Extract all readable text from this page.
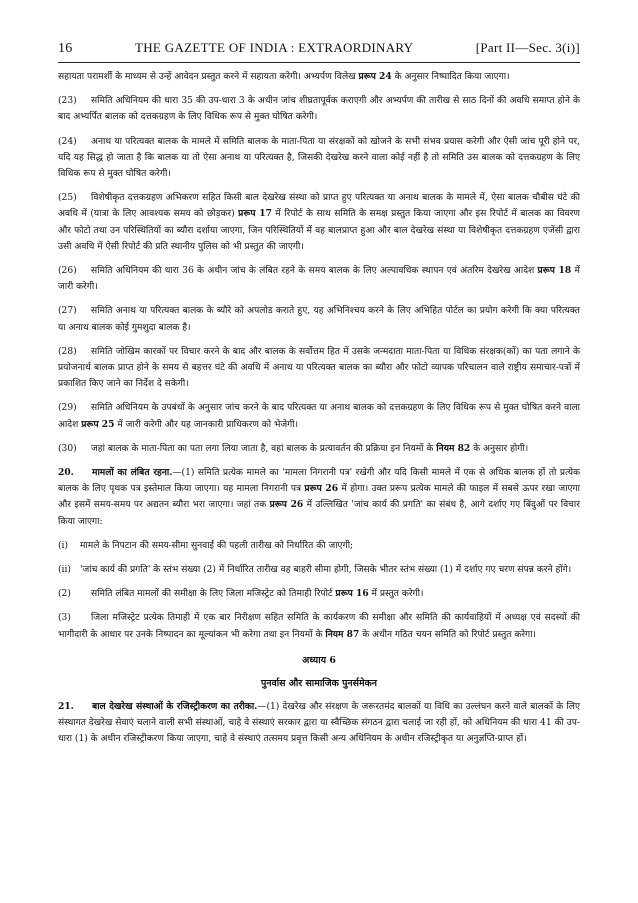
16	THE GAZETTE OF INDIA : EXTRAORDINARY	[Part II—Sec. 3(i)]

सहायता परामर्शी के माध्यम से उन्हें आवेदन प्रस्तुत करने में सहायता करेगी। अभ्यर्पण विलेख प्ररूप 24 के अनुसार निष्पादित किया जाएगा।

(23) समिति अधिनियम की धारा 35 की उप-धारा 3 के अधीन जांच शीघ्रतापूर्वक कराएगी और अभ्यर्पण की तारीख से साठ दिनों की अवधि समाप्त होने के बाद अभ्यर्पित बालक को दत्तकग्रहण के लिए विधिक रूप से मुक्त घोषित करेगी।

(24) अनाथ या परित्यक्त बालक के मामले में समिति बालक के माता-पिता या संरक्षकों को खोजने के सभी संभव प्रयास करेगी और ऐसी जांच पूरी होने पर, यदि यह सिद्ध हो जाता है कि बालक या तो ऐसा अनाथ या परित्यक्त है, जिसकी देखरेख करने वाला कोई नहीं है तो समिति उस बालक को दत्तकग्रहण के लिए विधिक रूप से मुक्त घोषित करेगी।

(25) विशेषीकृत दत्तकग्रहण अभिकरण सहित किसी बाल देखरेख संस्था को प्राप्त हुए परित्यक्त या अनाथ बालक के मामले में, ऐसा बालक चौबीस घंटे की अवधि में (यात्रा के लिए आवश्यक समय को छोड़कर) प्ररूप 17 में रिपोर्ट के साथ समिति के समक्ष प्रस्तुत किया जाएगा और इस रिपोर्ट में बालक का विवरण और फोटो तथा उन परिस्थितियों का ब्यौरा दर्शाया जाएगा, जिन परिस्थितियों में वह बालप्राप्त हुआ और बाल देखरेख संस्था या विशेषीकृत दत्तकग्रहण एजेंसी द्वारा उसी अवधि में ऐसी रिपोर्ट की प्रति स्थानीय पुलिस को भी प्रस्तुत की जाएगी।

(26) समिति अधिनियम की धारा 36 के अधीन जांच के लंबित रहने के समय बालक के लिए अल्पावधिक स्थापन एवं अंतरिम देखरेख आदेश प्ररूप 18 में जारी करेगी।

(27) समिति अनाथ या परित्यक्त बालक के ब्यौरे को अपलोड कराते हुए, यह अभिनिश्चय करने के लिए अभिहित पोर्टल का प्रयोग करेगी कि क्या परित्यक्त या अनाथ बालक कोई गुमशुदा बालक है।

(28) समिति जोखिम कारकों पर विचार करने के बाद और बालक के सर्वोत्तम हित में उसके जन्मदाता माता-पिता या विधिक संरक्षक(कों) का पता लगाने के प्रयोजनार्थ बालक प्राप्त होने के समय से बहत्तर घंटे की अवधि में अनाथ या परित्यक्त बालक का ब्यौरा और फोटो व्यापक परिचालन वाले राष्ट्रीय समाचार-पत्रों में प्रकाशित किए जाने का निर्देश दे सकेगी।

(29) समिति अधिनियम के उपबंधों के अनुसार जांच करने के बाद परित्यक्त या अनाथ बालक को दत्तकग्रहण के लिए विधिक रूप से मुक्त घोषित करने वाला आदेश प्ररूप 25 में जारी करेगी और यह जानकारी प्राधिकरण को भेजेगी।

(30) जहां बालक के माता-पिता का पता लगा लिया जाता है, वहां बालक के प्रत्यावर्तन की प्रक्रिया इन नियमों के नियम 82 के अनुसार होगी।

20. मामलों का लंबित रहना.—(1) समिति प्रत्येक मामले का 'मामला निगरानी पत्र' रखेगी और यदि किसी मामले में एक से अधिक बालक हों तो प्रत्येक बालक के लिए पृथक पत्र इस्तेमाल किया जाएगा। यह मामला निगरानी पत्र प्ररूप 26 में होगा। उक्त प्ररूप प्रत्येक मामले की फाइल में सबसे ऊपर रखा जाएगा और इसमें समय-समय पर अद्यतन ब्यौरा भरा जाएगा। जहां तक प्ररूप 26 में उल्लिखित 'जांच कार्य की प्रगति' का संबंध है, आगे दर्शाए गए बिंदुओं पर विचार किया जाएगा:

(i) मामले के निपटान की समय-सीमा सुनवाई की पहली तारीख को निर्धारित की जाएगी;

(ii) 'जांच कार्य की प्रगति' के स्तंभ संख्या (2) में निर्धारित तारीख वह बाहरी सीमा होगी, जिसके भीतर स्तंभ संख्या (1) में दर्शाए गए चरण संपन्न करने होंगे।

(2) समिति लंबित मामलों की समीक्षा के लिए जिला मजिस्ट्रेट को तिमाही रिपोर्ट प्ररूप 16 में प्रस्तुत करेगी।

(3) जिला मजिस्ट्रेट प्रत्येक तिमाही में एक बार निरीक्षण सहित समिति के कार्यकरण की समीक्षा और समिति की कार्यवाहियों में अध्यक्ष एवं सदस्यों की भागीदारी के आधार पर उनके निष्पादन का मूल्यांकन भी करेगा तथा इन नियमों के नियम 87 के अधीन गठित चयन समिति को रिपोर्ट प्रस्तुत करेगा।

अध्याय 6
पुनर्वास और सामाजिक पुनर्समेकन

21. बाल देखरेख संस्थाओं के रजिस्ट्रीकरण का तरीका.—(1) देखरेख और संरक्षण के जरूरतमंद बालकों या विधि का उल्लंघन करने वाले बालकों के लिए संस्थागत देखरेख सेवाएं चलाने वाली सभी संस्थाओं, चाहे वे संस्थाएं सरकार द्वारा या स्वैच्छिक संगठन द्वारा चलाई जा रही हों, को अधिनियम की धारा 41 की उप-धारा (1) के अधीन रजिस्ट्रीकरण किया जाएगा, चाहे वे संस्थाएं तत्समय प्रवृत्त किसी अन्य अधिनियम के अधीन रजिस्ट्रीकृत या अनुज्ञप्ति-प्राप्त हों।
